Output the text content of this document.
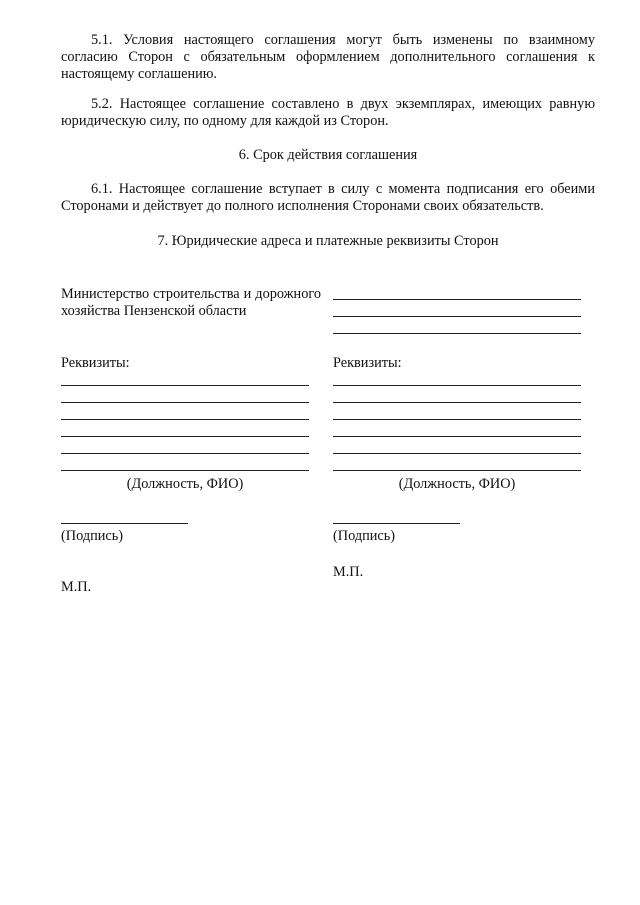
5.1. Условия настоящего соглашения могут быть изменены по взаимному согласию Сторон с обязательным оформлением дополнительного соглашения к настоящему соглашению.

5.2. Настоящее соглашение составлено в двух экземплярах, имеющих равную юридическую силу, по одному для каждой из Сторон.

6. Срок действия соглашения

6.1. Настоящее соглашение вступает в силу с момента подписания его обеими Сторонами и действует до полного исполнения Сторонами своих обязательств.

7. Юридические адреса и платежные реквизиты Сторон

Министерство строительства и дорожного хозяйства Пензенской области

Реквизиты:	Реквизиты:

(Должность, ФИО)	(Должность, ФИО)

(Подпись)	(Подпись)

М.П.

М.П.
